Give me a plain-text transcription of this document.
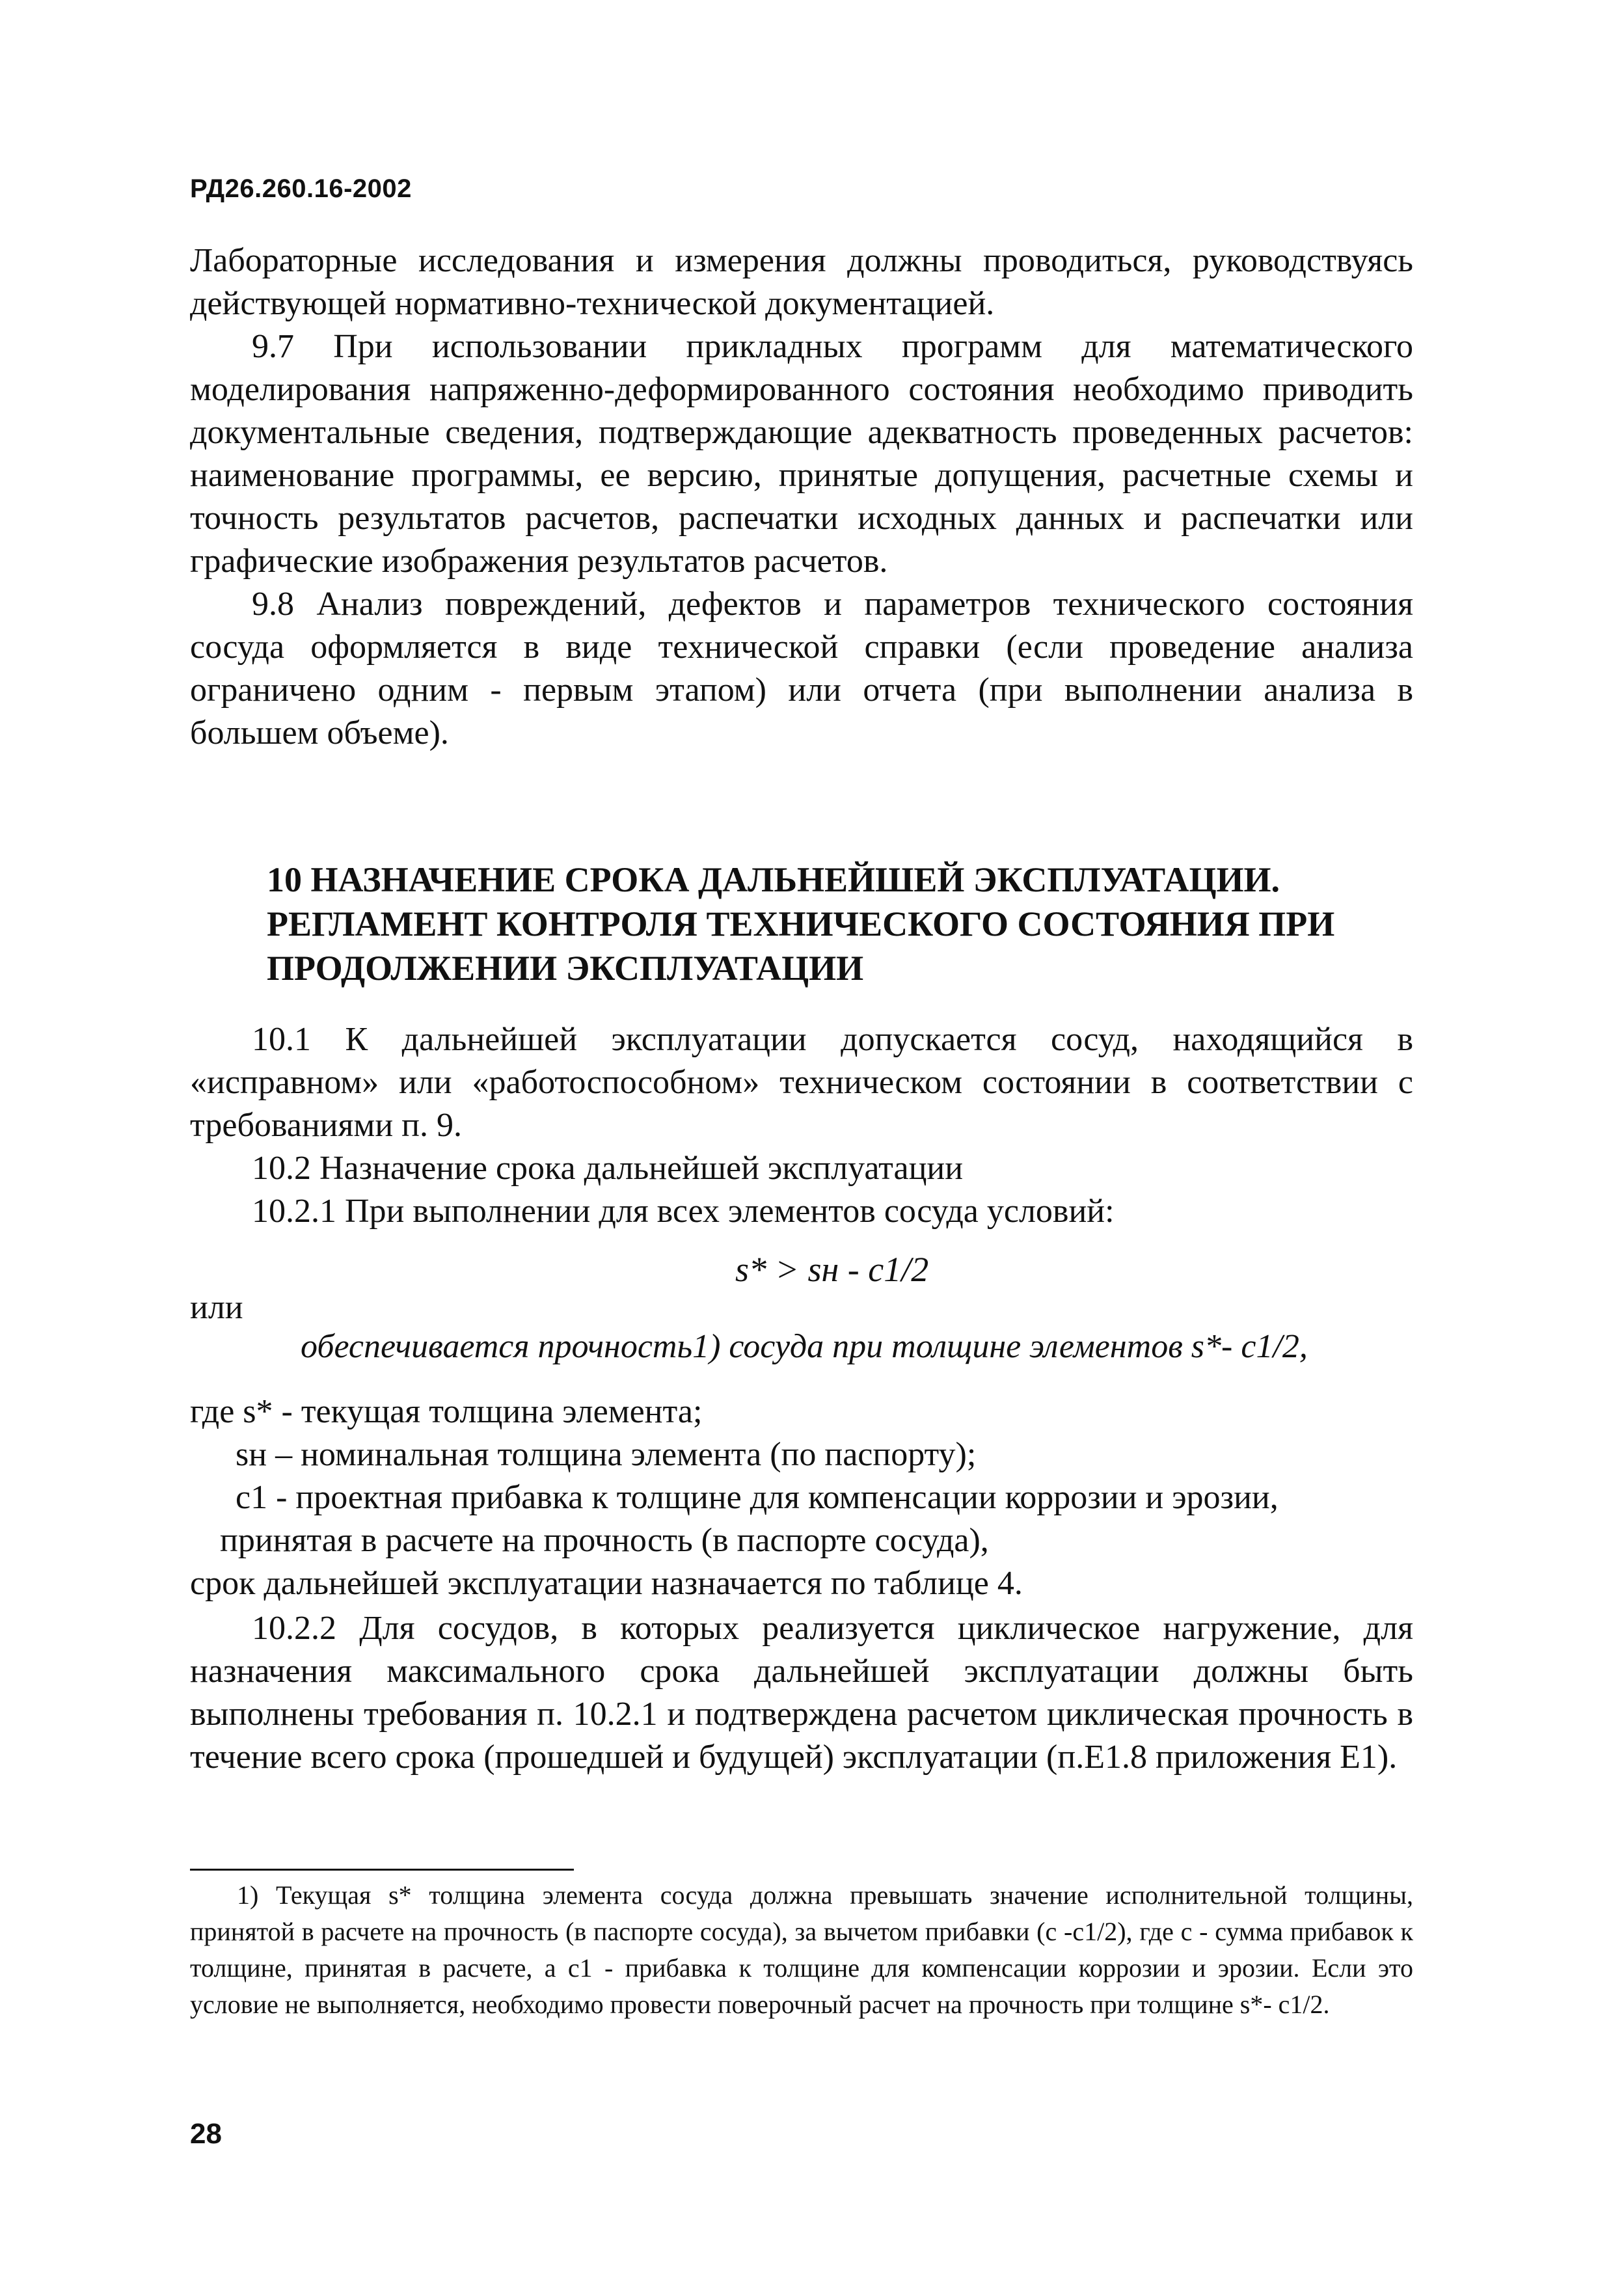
РД26.260.16-2002

Лабораторные исследования и измерения должны проводиться, руководствуясь действующей нормативно-технической документацией.

9.7 При использовании прикладных программ для математического моделирования напряженно-деформированного состояния необходимо приводить документальные сведения, подтверждающие адекватность проведенных расчетов: наименование программы, ее версию, принятые допущения, расчетные схемы и точность результатов расчетов, распечатки исходных данных и распечатки или графические изображения результатов расчетов.

9.8 Анализ повреждений, дефектов и параметров технического состояния сосуда оформляется в виде технической справки (если проведение анализа ограничено одним - первым этапом) или отчета (при выполнении анализа в большем объеме).

10 НАЗНАЧЕНИЕ СРОКА ДАЛЬНЕЙШЕЙ ЭКСПЛУАТАЦИИ.
РЕГЛАМЕНТ КОНТРОЛЯ ТЕХНИЧЕСКОГО СОСТОЯНИЯ ПРИ
ПРОДОЛЖЕНИИ ЭКСПЛУАТАЦИИ

10.1 К дальнейшей эксплуатации допускается сосуд, находящийся в «исправном» или «работоспособном» техническом состоянии в соответствии с требованиями п. 9.

10.2 Назначение срока дальнейшей эксплуатации

10.2.1 При выполнении для всех элементов сосуда условий:

s* > sн - c1/2
или
обеспечивается прочность1) сосуда при толщине элементов s*- c1/2,
где s* - текущая толщина элемента;
sн – номинальная толщина элемента (по паспорту);
c1 - проектная прибавка к толщине для компенсации коррозии и эрозии,
принятая в расчете на прочность (в паспорте сосуда),
срок дальнейшей эксплуатации назначается по таблице 4.

10.2.2 Для сосудов, в которых реализуется циклическое нагружение, для назначения максимального срока дальнейшей эксплуатации должны быть выполнены требования п. 10.2.1 и подтверждена расчетом циклическая прочность в течение всего срока (прошедшей и будущей) эксплуатации (п.Е1.8 приложения Е1).

1) Текущая s* толщина элемента сосуда должна превышать значение исполнительной толщины, принятой в расчете на прочность (в паспорте сосуда), за вычетом прибавки (c -c1/2), где c - сумма прибавок к толщине, принятая в расчете, а c1 - прибавка к толщине для компенсации коррозии и эрозии. Если это условие не выполняется, необходимо провести поверочный расчет на прочность при толщине s*- c1/2.

28
